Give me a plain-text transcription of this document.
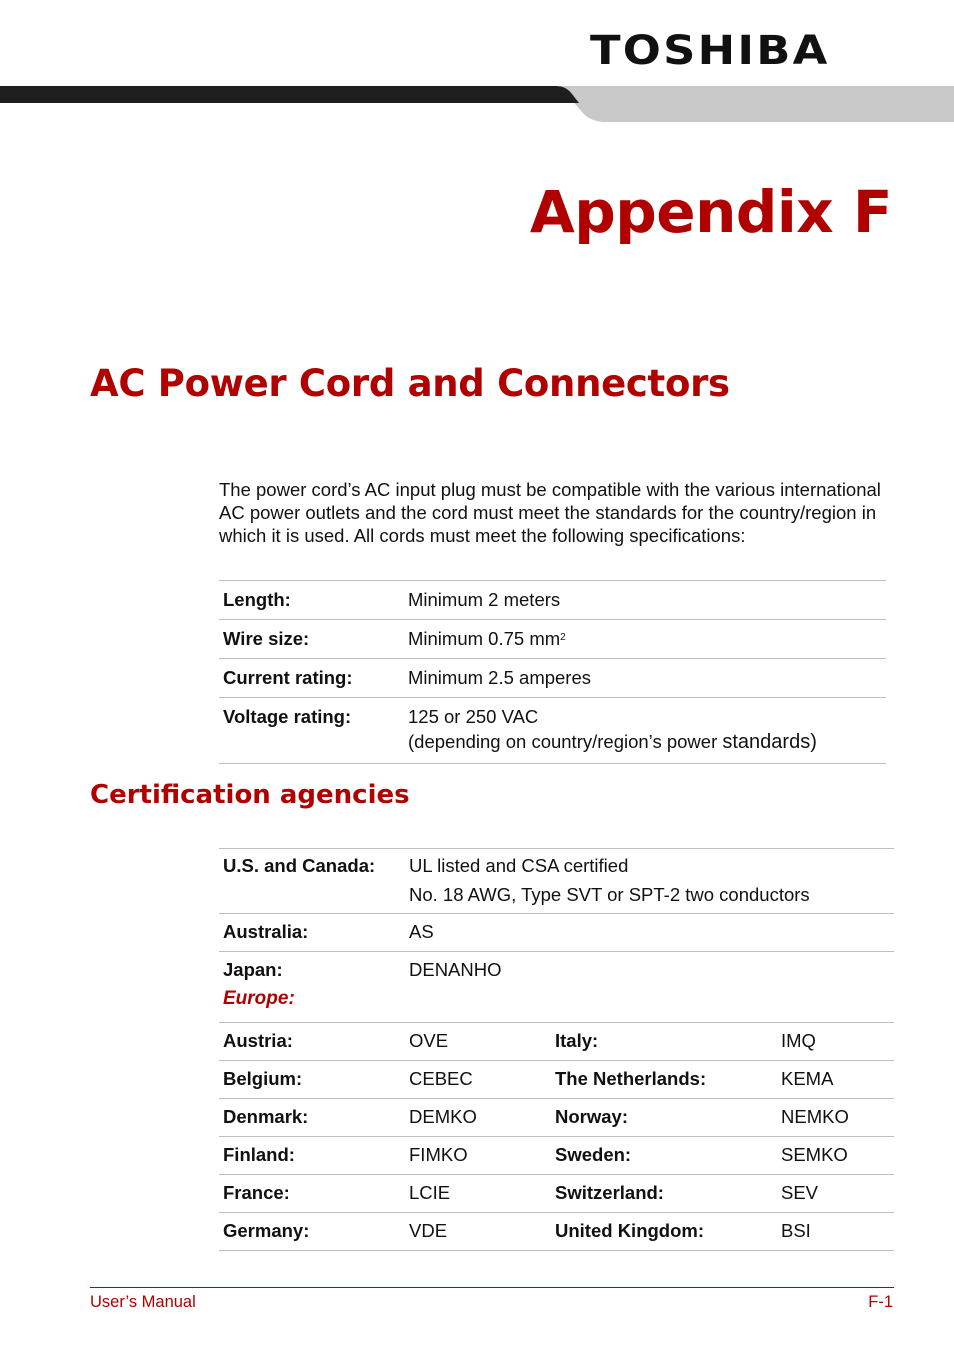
TOSHIBA
Appendix F
AC Power Cord and Connectors
The power cord’s AC input plug must be compatible with the various international AC power outlets and the cord must meet the standards for the country/region in which it is used. All cords must meet the following specifications:
Length:	Minimum 2 meters
Wire size:	Minimum 0.75 $mm^2$
Current rating:	Minimum 2.5 amperes
Voltage rating:	125 or 250 VAC
(depending on country/region’s power standards)
Certification agencies
U.S. and Canada:	UL listed and CSA certified
No. 18 AWG, Type SVT or SPT-2 two conductors		

Australia:	AS		
Japan:	DENANHO		
Europe:			
Austria:	OVE	Italy:	IMQ
Belgium:	CEBEC	The Netherlands:	KEMA
Denmark:	DEMKO	Norway:	NEMKO
Finland:	FIMKO	Sweden:	SEMKO
France:	LCIE	Switzerland:	SEV
Germany:	VDE	United Kingdom:	BSI
User’s Manual	F-1
